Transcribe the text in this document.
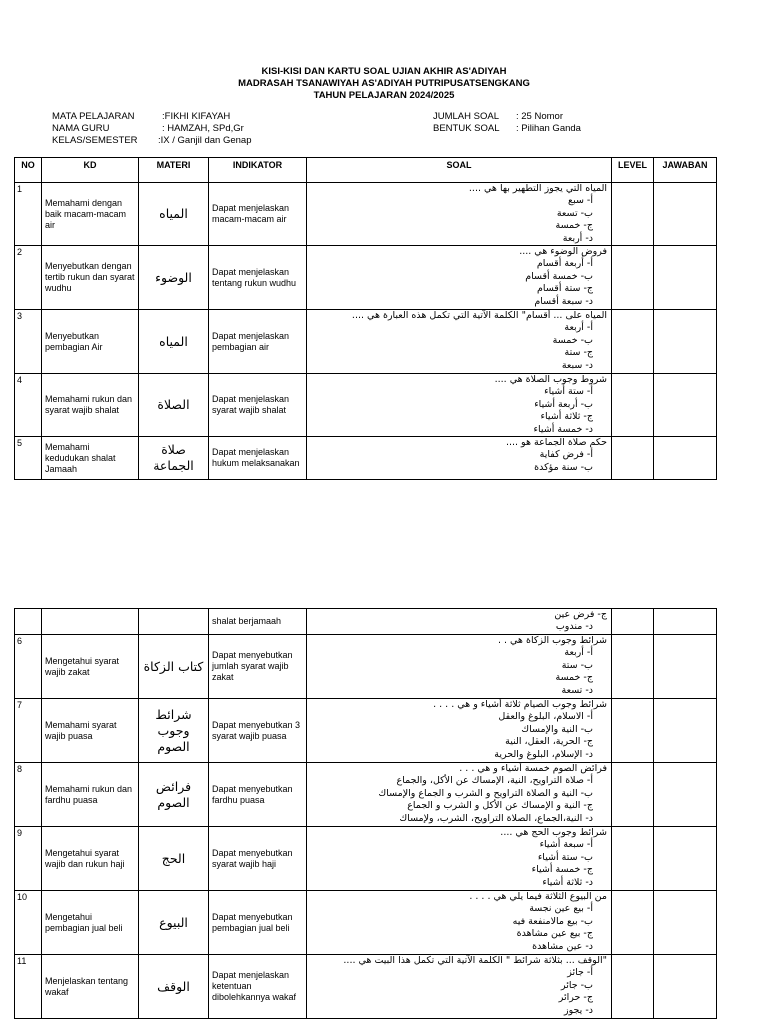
KISI-KISI DAN KARTU SOAL UJIAN AKHIR AS'ADIYAH
MADRASAH TSANAWIYAH AS'ADIYAH PUTRIPUSATSENGKANG
TAHUN PELAJARAN 2024/2025
MATA PELAJARAN	:FIKHI KIFAYAH
NAMA GURU	: HAMZAH, SPd,Gr
KELAS/SEMESTER :IX / Ganjil dan Genap
JUMLAH SOAL : 25 Nomor
BENTUK SOAL : Pilihan Ganda
NO	KD	MATERI	INDIKATOR	SOAL	LEVEL	JAWABAN
1	Memahami dengan baik macam-macam air	المياه	Dapat menjelaskan macam-macam air	المياه التي يجوز التطهير بها هي ....
أ- سبع
ب- تسعة
ج- خمسة
د- أربعة		

2	Menyebutkan dengan tertib rukun dan syarat wudhu	الوضوء	Dapat menjelaskan tentang rukun wudhu	فروض الوضوء هي ....
أ- أربعة أقسام
ب- خمسة أقسام
ج- ستة أقسام
د- سبعة أقسام		

3	Menyebutkan pembagian Air	المياه	Dapat menjelaskan pembagian air	المياه على ... أقسام" الكلمة الآتية التي تكمل هذه العبارة هي ....
أ- أربعة
ب- خمسة
ج- ستة
د- سبعة		

4	Memahami rukun dan syarat wajib shalat	الصلاة	Dapat menjelaskan syarat wajib shalat	شروط وجوب الصلاة هي ....
أ- ستة أشياء
ب- أربعة أشياء
ج- ثلاثة أشياء
د- خمسة أشياء		

5	Memahami kedudukan shalat Jamaah	صلاة الجماعة	Dapat menjelaskan hukum melaksanakan	حكم صلاة الجماعة هو ....
أ- فرض كفاية
ب- سنة مؤكدة		

			shalat berjamaah	ج- فرض عين
د- مندوب		

6	Mengetahui syarat wajib zakat	كتاب الزكاة	Dapat menyebutkan jumlah syarat wajib zakat	شرائط وجوب الزكاة هي . .
أ- أربعة
ب- ستة
ج- خمسة
د- تسعة		

7	Memahami syarat wajib puasa	شرائط وجوب الصوم	Dapat menyebutkan 3 syarat wajib puasa	شرائط وجوب الصيام ثلاثة أشياء و هي . . . .
أ- الاسلام، البلوغ والعقل
ب- النية والإمساك
ج- الحرية، العقل، النية
د- الإسلام، البلوغ والحرية		

8	Memahami rukun dan fardhu puasa	فرائض الصوم	Dapat menyebutkan fardhu puasa	فرائض الصوم خمسة أشياء و هي . . .
أ- صلاة التراويح، النية، الإمساك عن الأكل، والجماع
ب- النية و الصلاة التراويح و الشرب و الجماع والإمساك
ج- النية و الإمساك عن الأكل و الشرب و الجماع
د- النية،الجماع، الصلاة التراويح، الشرب، ولإمساك		

9	Mengetahui syarat wajib dan rukun haji	الحج	Dapat menyebutkan syarat wajib haji	شرائط وجوب الحج هي ....
أ- سبعة أشياء
ب- ستة أشياء
ج- خمسة أشياء
د- ثلاثة أشياء		

10	Mengetahui pembagian jual beli	البيوع	Dapat menyebutkan pembagian jual beli	من البيوع الثلاثة فيما يلي هي . . . .
أ- بيع عين نجسة
ب- بيع مالامنفعة فيه
ج- بيع عين مشاهدة
د- عين مشاهدة		

11	Menjelaskan tentang wakaf	الوقف	Dapat menjelaskan ketentuan dibolehkannya wakaf	"الوقف ... بثلاثة شرائط " الكلمة الآتية التي تكمل هذا البيت هي ....
أ- جائز
ب- جائر
ج- حرائر
د- يجوز		
